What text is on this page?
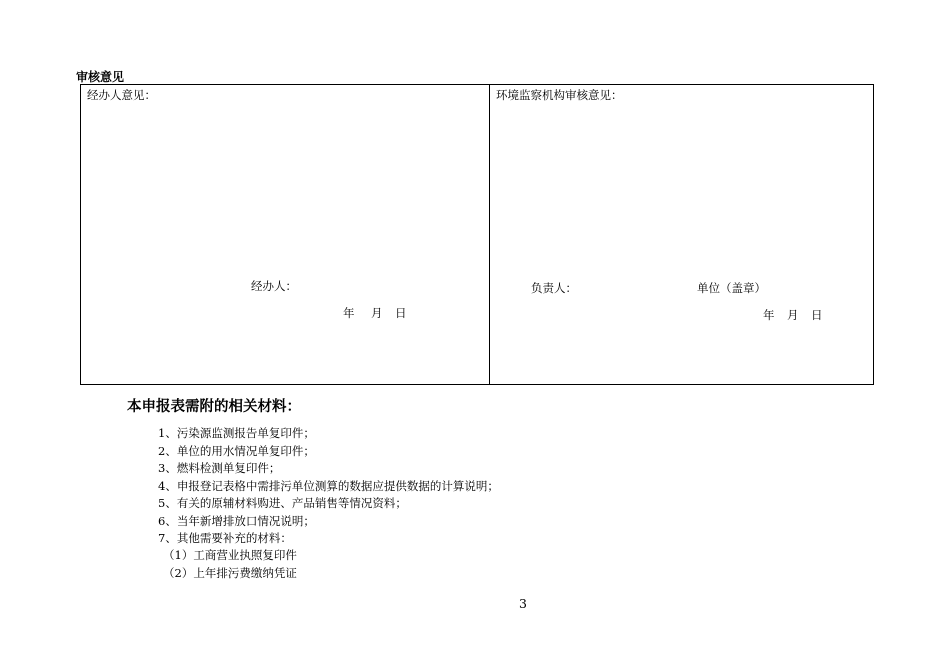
审核意见
经办人意见：
经办人：
年 月 日
环境监察机构审核意见：
负责人：	单位（盖章）
年 月 日
本申报表需附的相关材料：
1、污染源监测报告单复印件；
2、单位的用水情况单复印件；
3、燃料检测单复印件；
4、申报登记表格中需排污单位测算的数据应提供数据的计算说明；
5、有关的原辅材料购进、产品销售等情况资料；
6、当年新增排放口情况说明；
7、其他需要补充的材料：
（1）工商营业执照复印件
（2）上年排污费缴纳凭证
3
